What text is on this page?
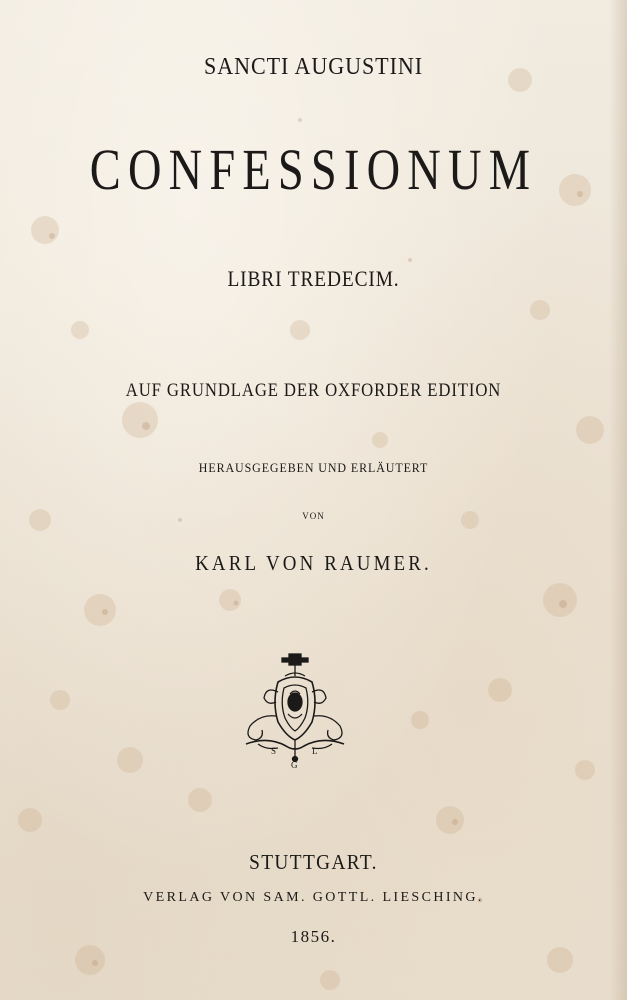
SANCTI AUGUSTINI
CONFESSIONUM
LIBRI TREDECIM.
AUF GRUNDLAGE DER OXFORDER EDITION
HERAUSGEGEBEN UND ERLÄUTERT
VON
KARL VON RAUMER.
S
G
L
STUTTGART.
VERLAG VON SAM. GOTTL. LIESCHING.
1856.
